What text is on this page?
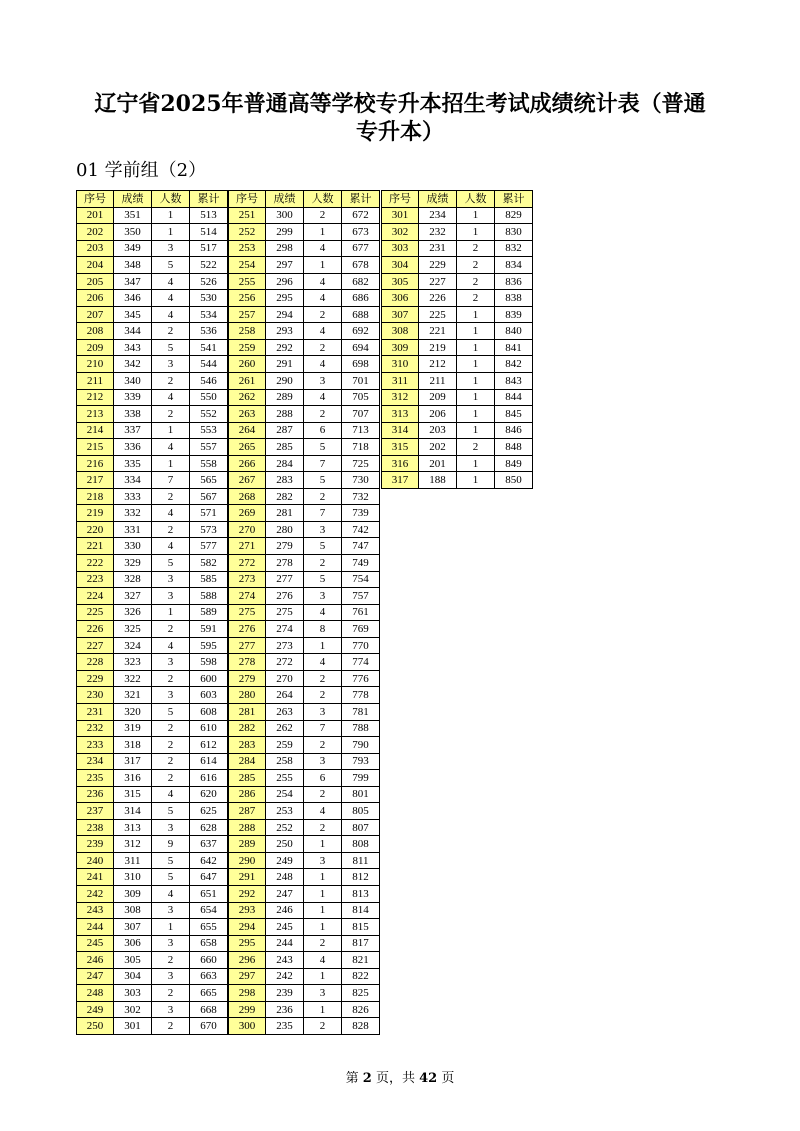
辽宁省2025年普通高等学校专升本招生考试成绩统计表（普通
专升本）
01 学前组（2）
序号	成绩	人数	累计
201	351	1	513
202	350	1	514
203	349	3	517
204	348	5	522
205	347	4	526
206	346	4	530
207	345	4	534
208	344	2	536
209	343	5	541
210	342	3	544
211	340	2	546
212	339	4	550
213	338	2	552
214	337	1	553
215	336	4	557
216	335	1	558
217	334	7	565
218	333	2	567
219	332	4	571
220	331	2	573
221	330	4	577
222	329	5	582
223	328	3	585
224	327	3	588
225	326	1	589
226	325	2	591
227	324	4	595
228	323	3	598
229	322	2	600
230	321	3	603
231	320	5	608
232	319	2	610
233	318	2	612
234	317	2	614
235	316	2	616
236	315	4	620
237	314	5	625
238	313	3	628
239	312	9	637
240	311	5	642
241	310	5	647
242	309	4	651
243	308	3	654
244	307	1	655
245	306	3	658
246	305	2	660
247	304	3	663
248	303	2	665
249	302	3	668
250	301	2	670
序号	成绩	人数	累计
251	300	2	672
252	299	1	673
253	298	4	677
254	297	1	678
255	296	4	682
256	295	4	686
257	294	2	688
258	293	4	692
259	292	2	694
260	291	4	698
261	290	3	701
262	289	4	705
263	288	2	707
264	287	6	713
265	285	5	718
266	284	7	725
267	283	5	730
268	282	2	732
269	281	7	739
270	280	3	742
271	279	5	747
272	278	2	749
273	277	5	754
274	276	3	757
275	275	4	761
276	274	8	769
277	273	1	770
278	272	4	774
279	270	2	776
280	264	2	778
281	263	3	781
282	262	7	788
283	259	2	790
284	258	3	793
285	255	6	799
286	254	2	801
287	253	4	805
288	252	2	807
289	250	1	808
290	249	3	811
291	248	1	812
292	247	1	813
293	246	1	814
294	245	1	815
295	244	2	817
296	243	4	821
297	242	1	822
298	239	3	825
299	236	1	826
300	235	2	828
序号	成绩	人数	累计
301	234	1	829
302	232	1	830
303	231	2	832
304	229	2	834
305	227	2	836
306	226	2	838
307	225	1	839
308	221	1	840
309	219	1	841
310	212	1	842
311	211	1	843
312	209	1	844
313	206	1	845
314	203	1	846
315	202	2	848
316	201	1	849
317	188	1	850
第 2 页，共 42 页
